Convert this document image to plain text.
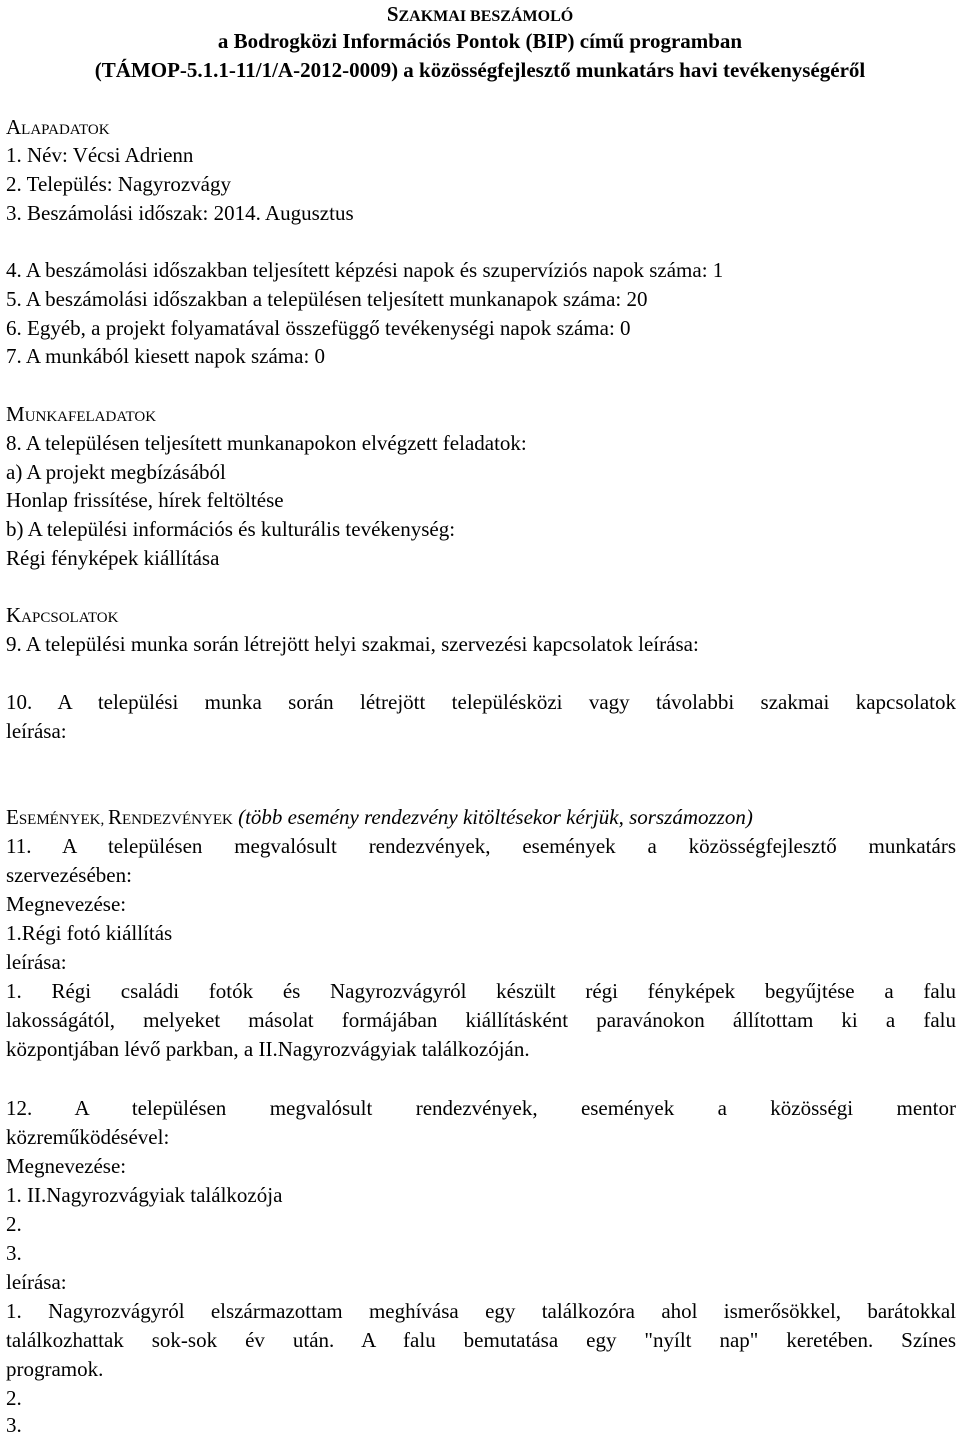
SZAKMAI BESZÁMOLÓ
a Bodrogközi Információs Pontok (BIP) című programban
(TÁMOP-5.1.1-11/1/A-2012-0009) a közösségfejlesztő munkatárs havi tevékenységéről
ALAPADATOK
1. Név: Vécsi Adrienn
2. Település: Nagyrozvágy
3. Beszámolási időszak: 2014. Augusztus
4. A beszámolási időszakban teljesített képzési napok és szupervíziós napok száma: 1
5. A beszámolási időszakban a településen teljesített munkanapok száma: 20
6. Egyéb, a projekt folyamatával összefüggő tevékenységi napok száma: 0
7. A munkából kiesett napok száma: 0
MUNKAFELADATOK
8. A településen teljesített munkanapokon elvégzett feladatok:
a) A projekt megbízásából
Honlap frissítése, hírek feltöltése
b) A települési információs és kulturális tevékenység:
Régi fényképek kiállítása
KAPCSOLATOK
9. A települési munka során létrejött helyi szakmai, szervezési kapcsolatok leírása:
10. A települési munka során létrejött településközi vagy távolabbi szakmai kapcsolatok
leírása:
ESEMÉNYEK, RENDEZVÉNYEK (több esemény rendezvény kitöltésekor kérjük, sorszámozzon)
11. A településen megvalósult rendezvények, események a közösségfejlesztő munkatárs
szervezésében:
Megnevezése:
1.Régi fotó kiállítás
leírása:
1. Régi családi fotók és Nagyrozvágyról készült régi fényképek begyűjtése a falu
lakosságától, melyeket másolat formájában kiállításként paravánokon állítottam ki a falu
központjában lévő parkban, a II.Nagyrozvágyiak találkozóján.
12. A településen megvalósult rendezvények, események a közösségi mentor
közreműködésével:
Megnevezése:
1. II.Nagyrozvágyiak találkozója
2.
3.
leírása:
1. Nagyrozvágyról elszármazottam meghívása egy találkozóra ahol ismerősökkel, barátokkal
találkozhattak sok-sok év után. A falu bemutatása egy "nyílt nap" keretében. Színes
programok.
2.
3.
